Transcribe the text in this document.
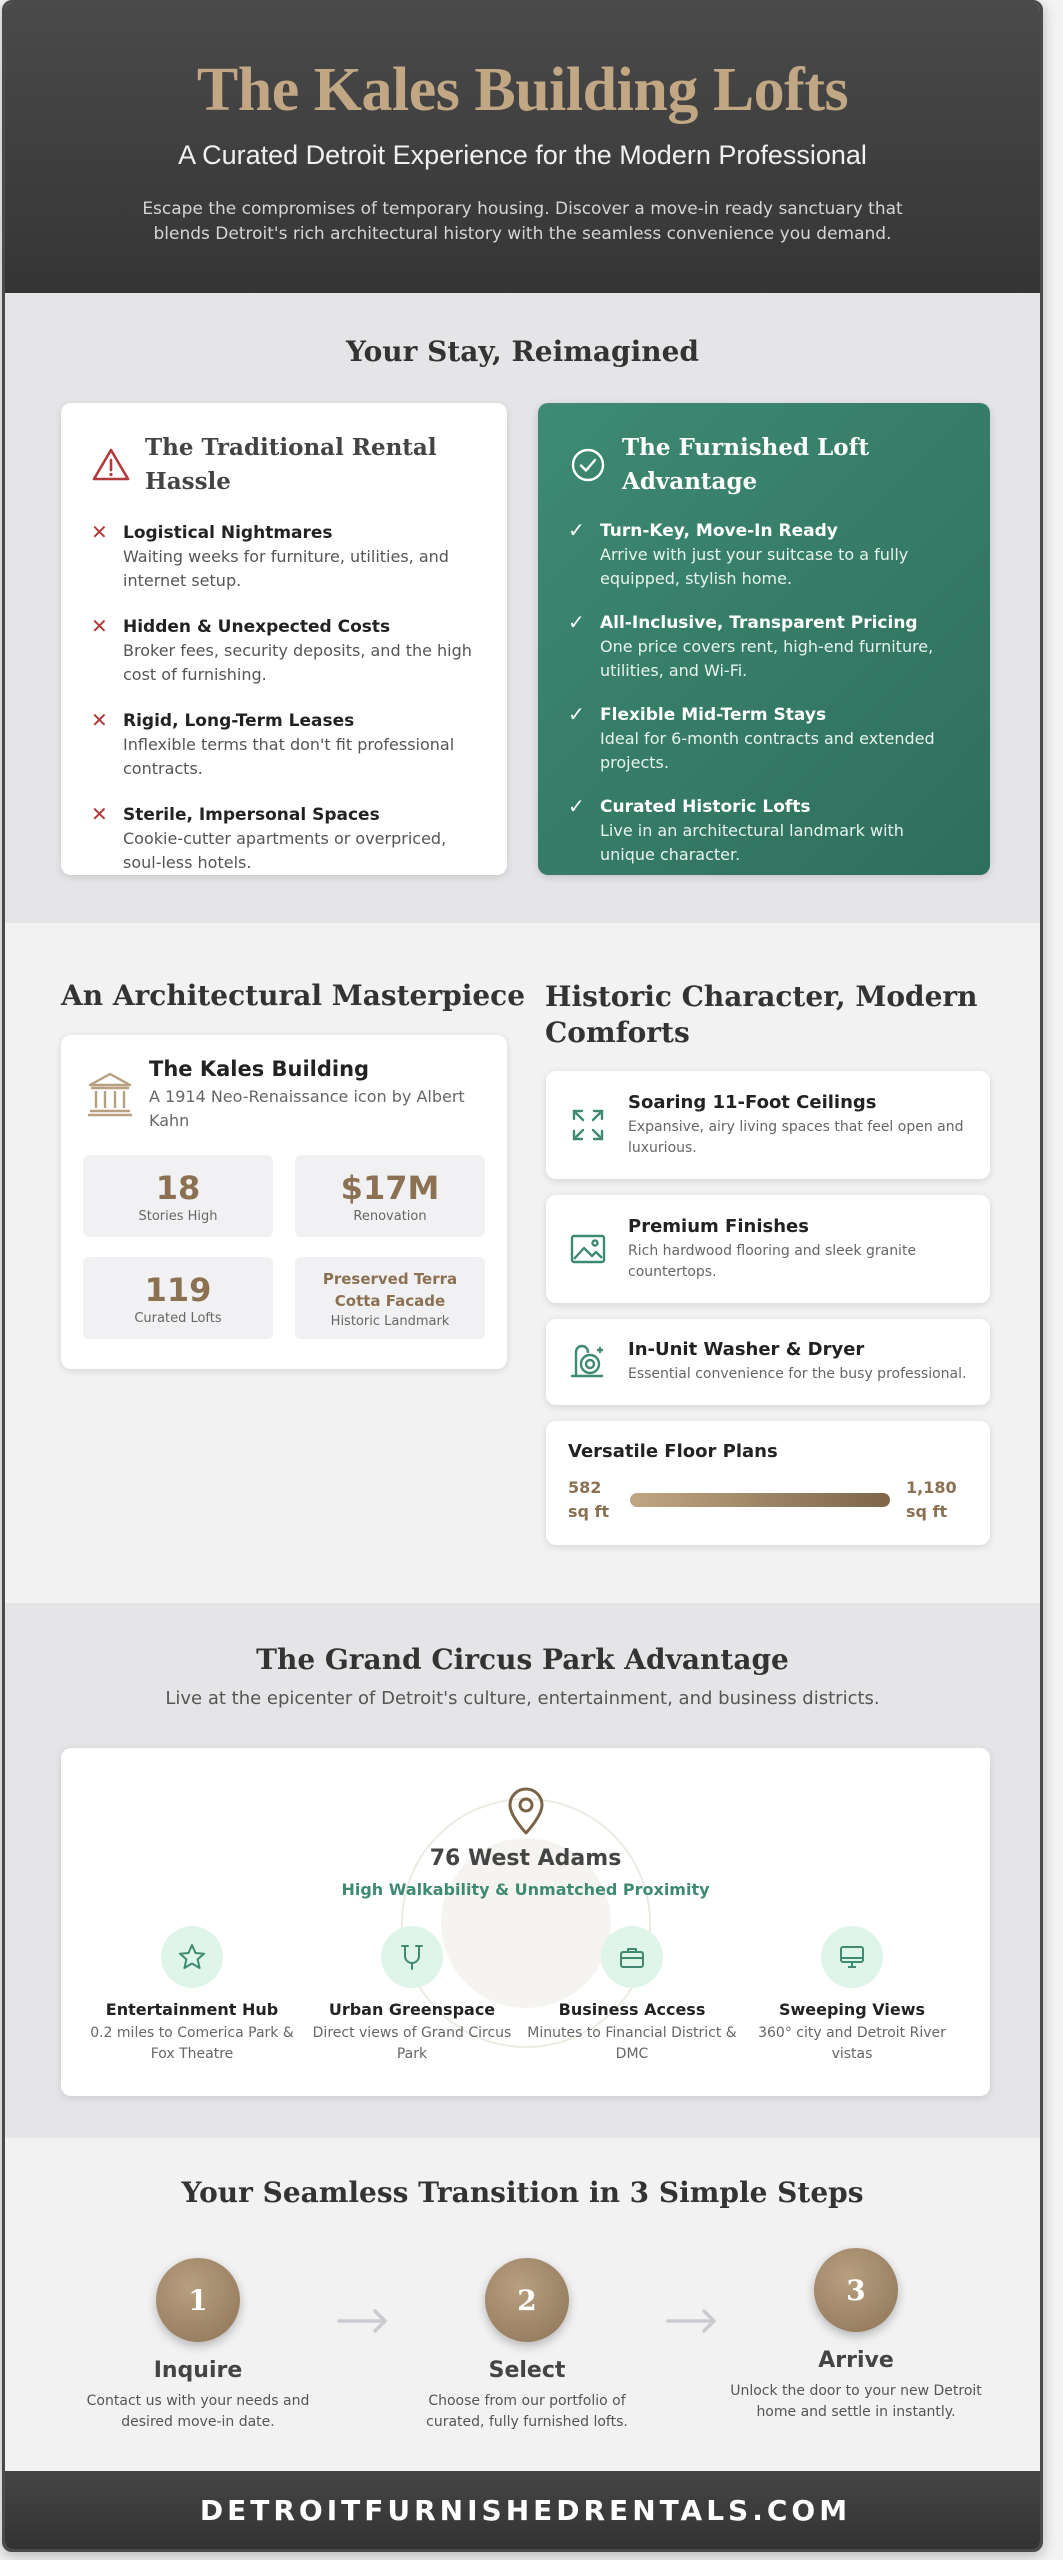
The Kales Building Lofts
A Curated Detroit Experience for the Modern Professional

Escape the compromises of temporary housing. Discover a move-in ready sanctuary that blends Detroit's rich architectural history with the seamless convenience you demand.

Your Stay, Reimagined
The Traditional Rental Hassle
✕ Logistical Nightmares
Waiting weeks for furniture, utilities, and internet setup.
✕ Hidden & Unexpected Costs
Broker fees, security deposits, and the high cost of furnishing.
✕ Rigid, Long-Term Leases
Inflexible terms that don't fit professional contracts.
✕ Sterile, Impersonal Spaces
Cookie-cutter apartments or overpriced, soul-less hotels.
The Furnished Loft Advantage
✓ Turn-Key, Move-In Ready
Arrive with just your suitcase to a fully equipped, stylish home.
✓ All-Inclusive, Transparent Pricing
One price covers rent, high-end furniture, utilities, and Wi-Fi.
✓ Flexible Mid-Term Stays
Ideal for 6-month contracts and extended projects.
✓ Curated Historic Lofts
Live in an architectural landmark with unique character.
An Architectural Masterpiece Historic Character, Modern Comforts
The Kales Building
A 1914 Neo-Renaissance icon by Albert Kahn
18
Stories High
$17M
Renovation
119
Curated Lofts
Preserved Terra Cotta Facade
Historic Landmark
Soaring 11-Foot Ceilings
Expansive, airy living spaces that feel open and luxurious.
Premium Finishes
Rich hardwood flooring and sleek granite countertops.
In-Unit Washer & Dryer
Essential convenience for the busy professional.
Versatile Floor Plans
582
sq ft
1,180
sq ft
The Grand Circus Park Advantage
Live at the epicenter of Detroit's culture, entertainment, and business districts.
76 West Adams
High Walkability & Unmatched Proximity
Entertainment Hub
0.2 miles to Comerica Park & Fox Theatre
Urban Greenspace
Direct views of Grand Circus Park
Business Access
Minutes to Financial District & DMC
Sweeping Views
360° city and Detroit River vistas
Your Seamless Transition in 3 Simple Steps
1
Inquire
Contact us with your needs and desired move-in date.
2
Select
Choose from our portfolio of curated, fully furnished lofts.
3
Arrive
Unlock the door to your new Detroit home and settle in instantly.
DETROITFURNISHEDRENTALS.COM
